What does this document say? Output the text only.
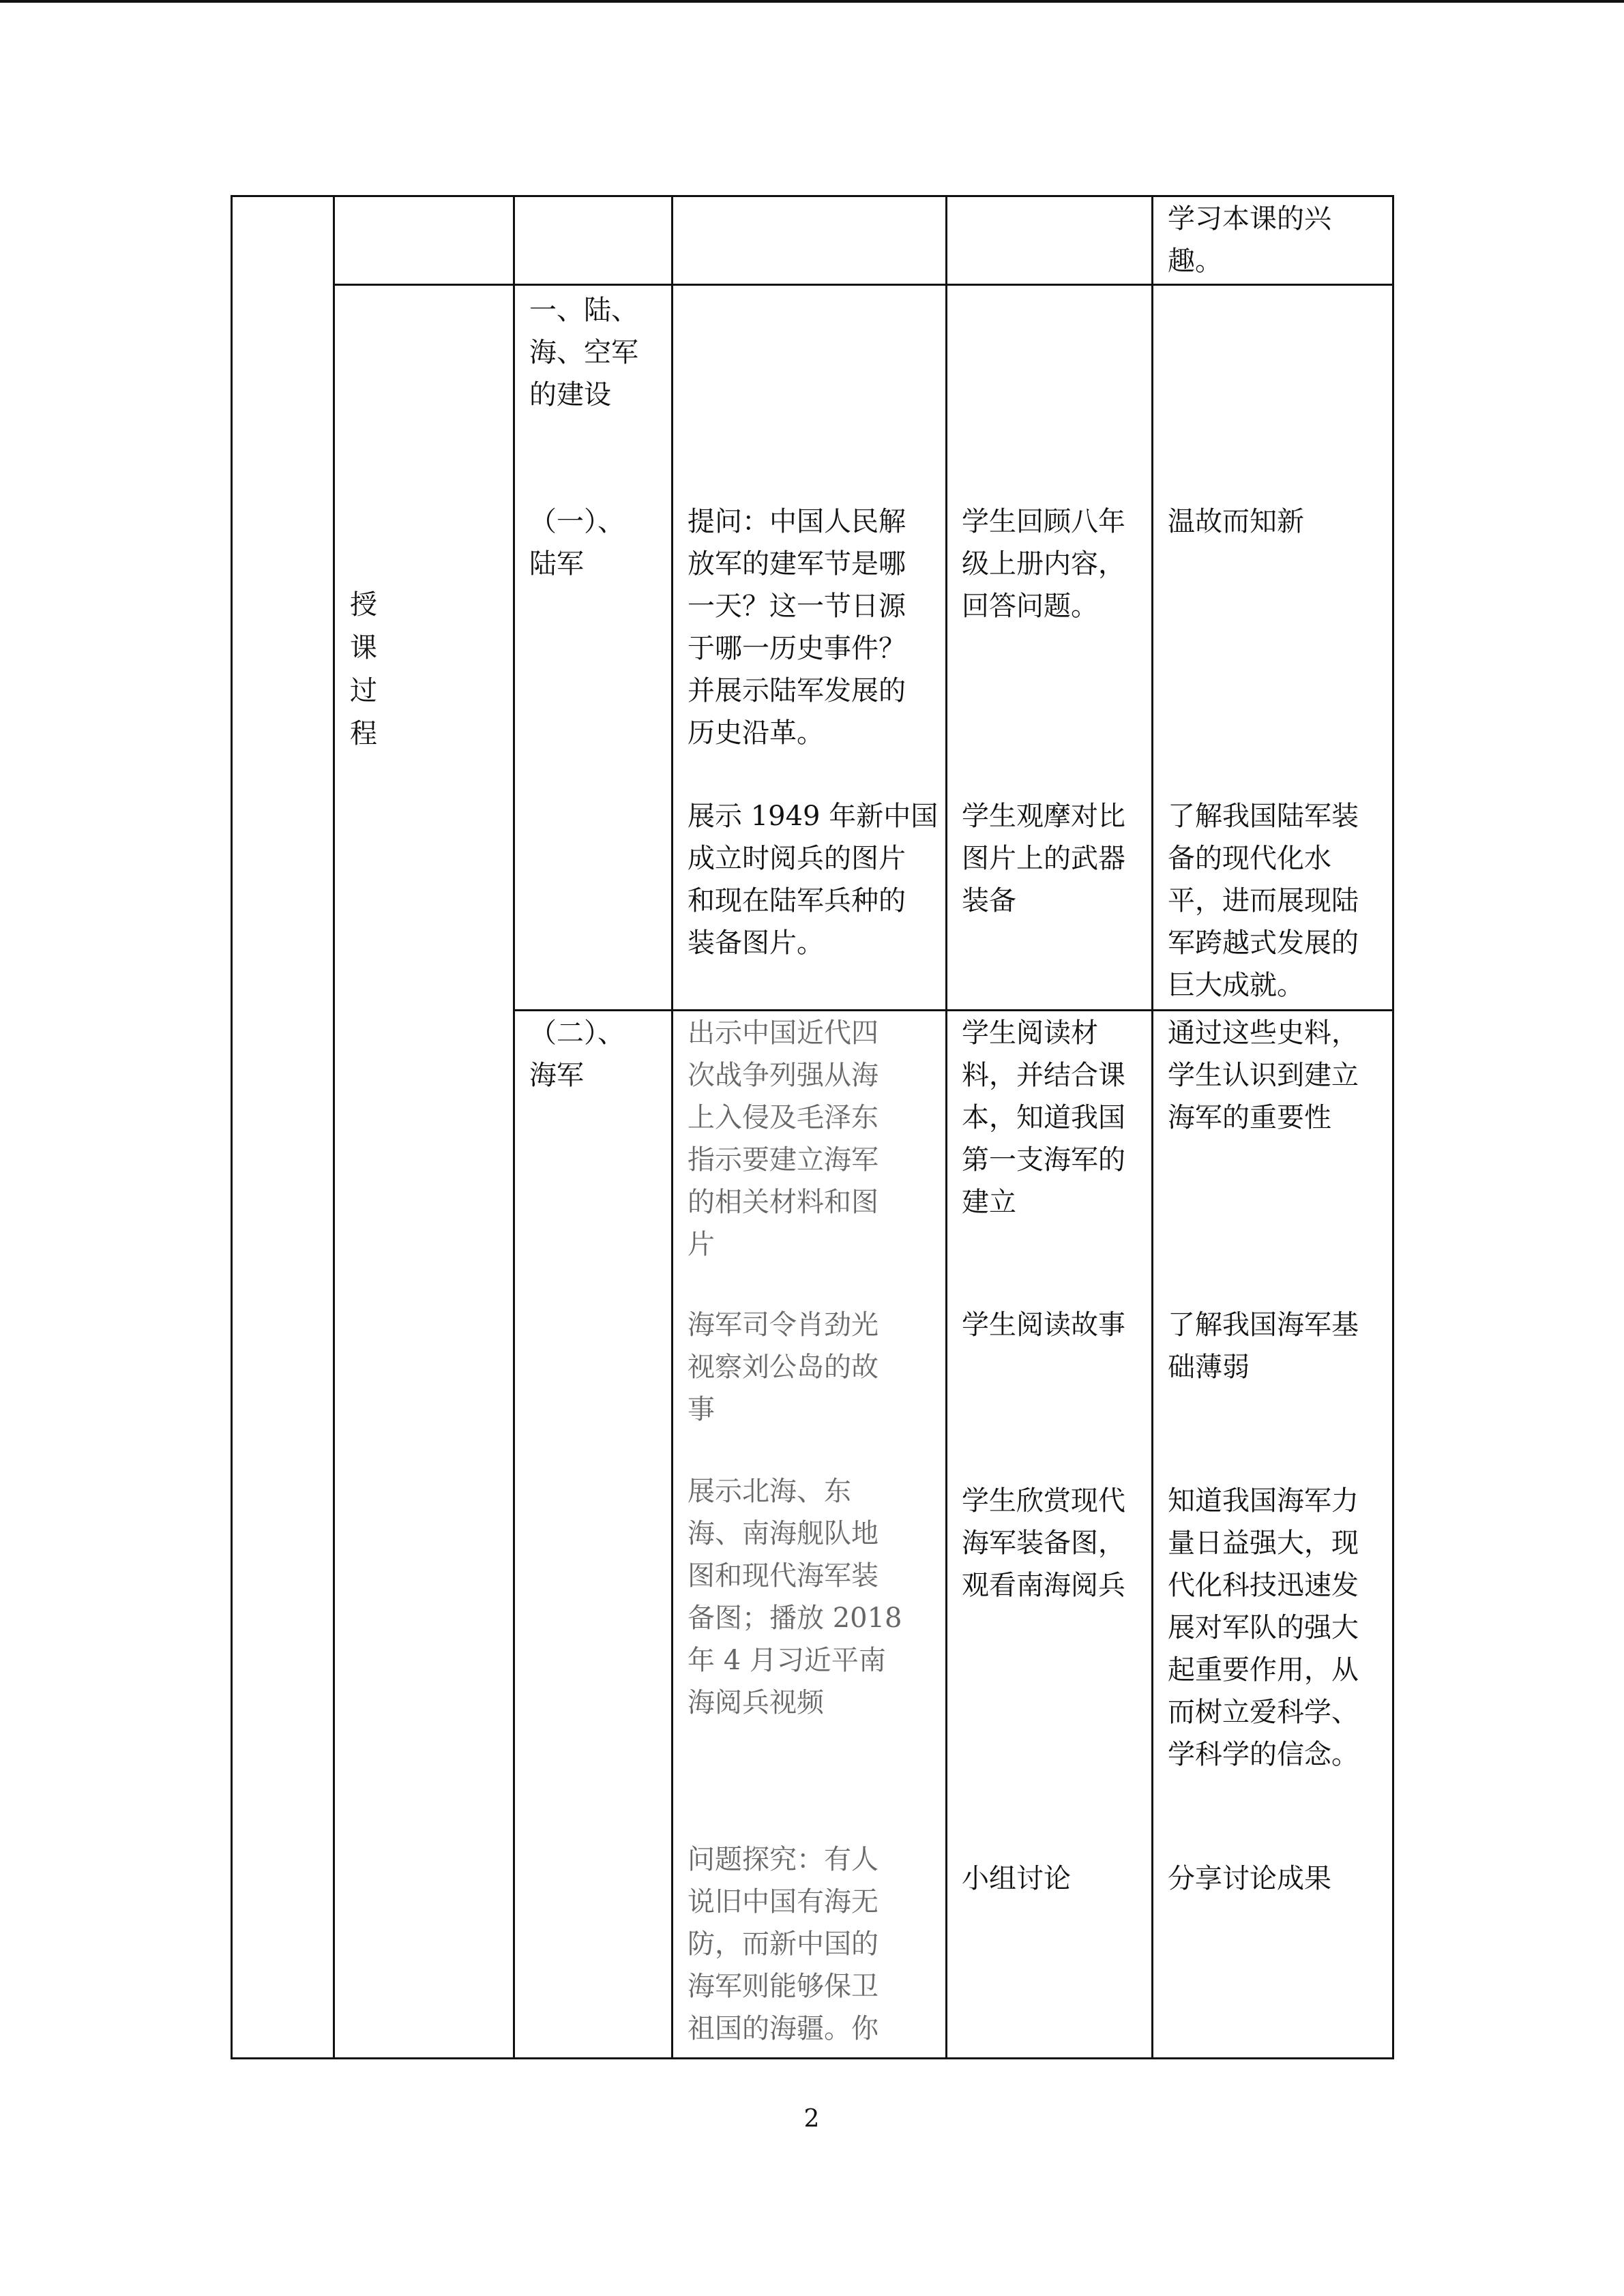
学习本课的兴
趣。
授
课
过
程
一、陆、
海、空军
的建设
（一）、
陆军
（二）、
海军
提问：中国人民解
放军的建军节是哪
一天？这一节日源
于哪一历史事件？
并展示陆军发展的
历史沿革。
学生回顾八年
级上册内容，
回答问题。
温故而知新
展示 1949 年新中国
成立时阅兵的图片
和现在陆军兵种的
装备图片。
学生观摩对比
图片上的武器
装备
了解我国陆军装
备的现代化水
平，进而展现陆
军跨越式发展的
巨大成就。
出示中国近代四
次战争列强从海
上入侵及毛泽东
指示要建立海军
的相关材料和图
片
学生阅读材
料，并结合课
本，知道我国
第一支海军的
建立
通过这些史料，
学生认识到建立
海军的重要性
海军司令肖劲光
视察刘公岛的故
事
学生阅读故事 了解我国海军基
础薄弱
展示北海、东
海、南海舰队地
图和现代海军装
备图；播放 2018
年 4 月习近平南
海阅兵视频
学生欣赏现代
海军装备图，
观看南海阅兵
知道我国海军力
量日益强大，现
代化科技迅速发
展对军队的强大
起重要作用，从
而树立爱科学、
学科学的信念。
问题探究：有人
说旧中国有海无
防，而新中国的
海军则能够保卫
祖国的海疆。你
小组讨论	分享讨论成果
2
